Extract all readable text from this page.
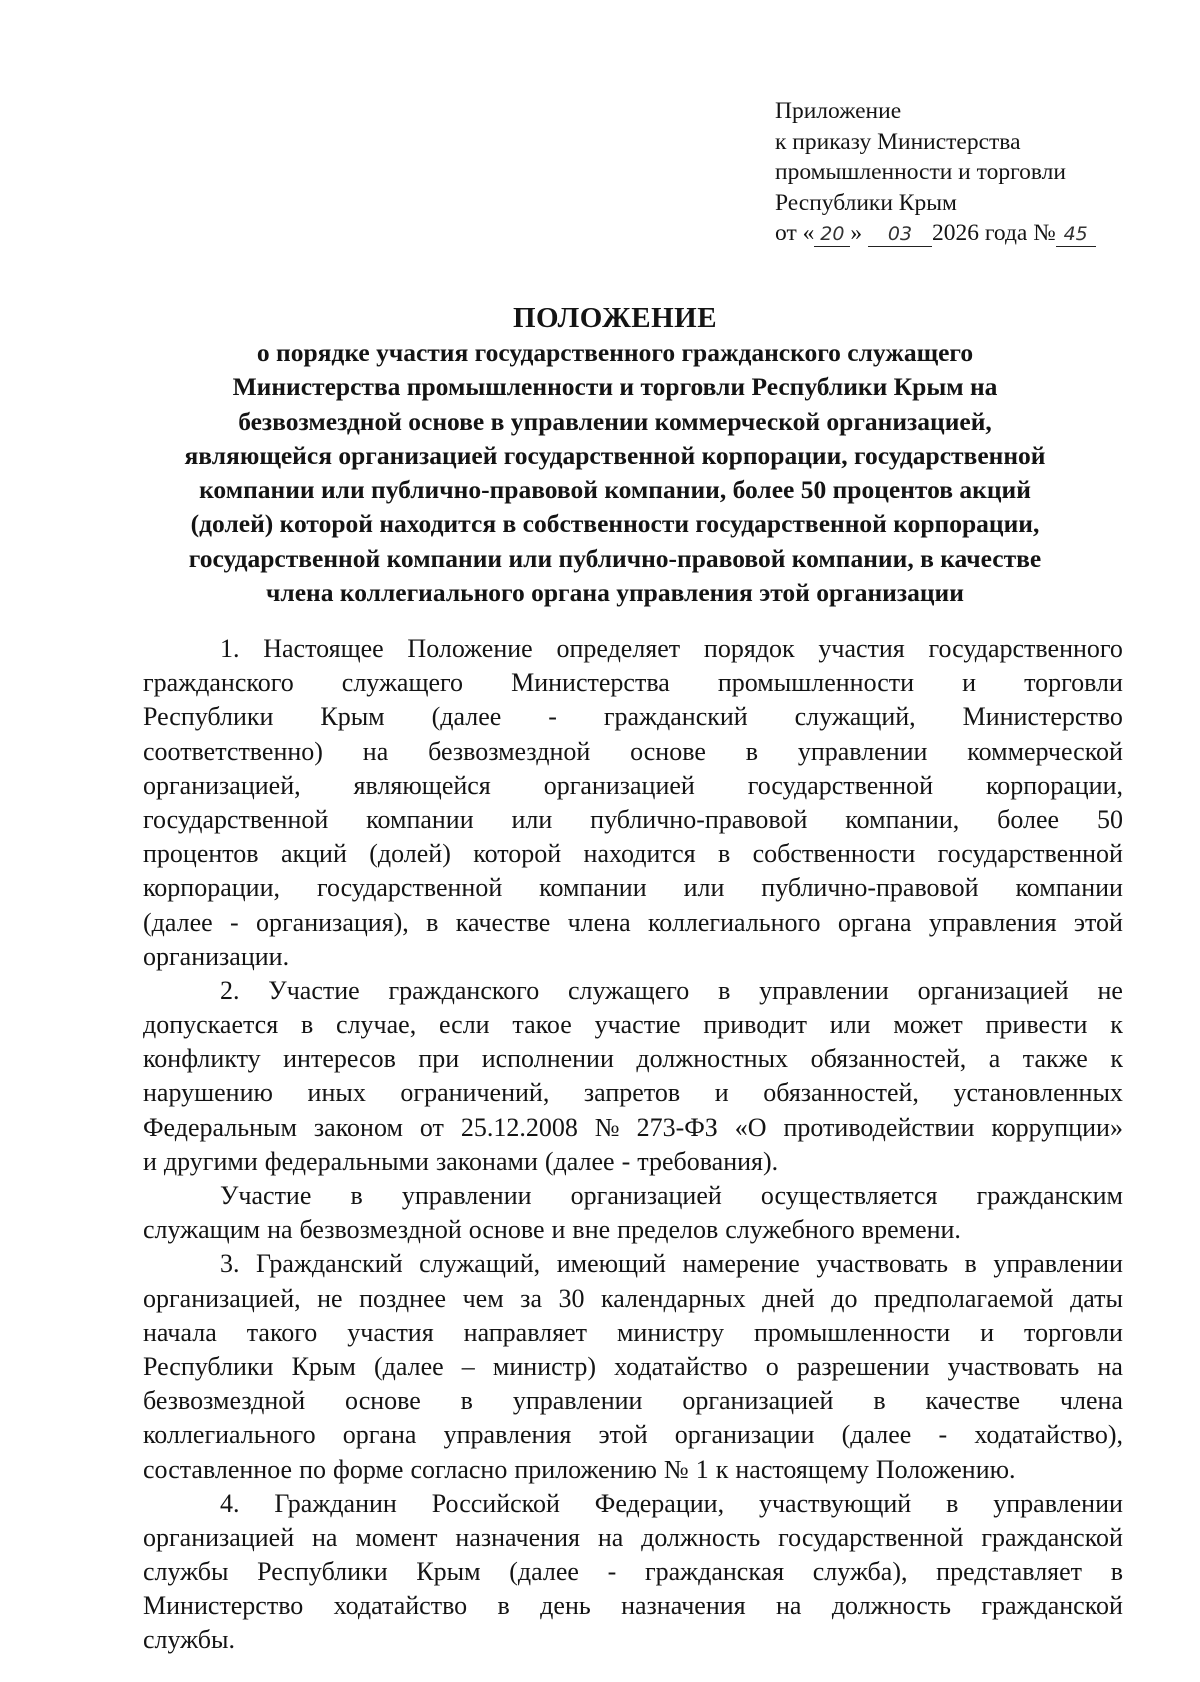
Приложение
к приказу Министерства
промышленности и торговли
Республики Крым
от « 20 » 03 2026 года № 45
ПОЛОЖЕНИЕ
о порядке участия государственного гражданского служащего
Министерства промышленности и торговли Республики Крым на
безвозмездной основе в управлении коммерческой организацией,
являющейся организацией государственной корпорации, государственной
компании или публично-правовой компании, более 50 процентов акций
(долей) которой находится в собственности государственной корпорации,
государственной компании или публично-правовой компании, в качестве
члена коллегиального органа управления этой организации
1. Настоящее Положение определяет порядок участия государственного
гражданского служащего Министерства промышленности и торговли
Республики Крым (далее - гражданский служащий, Министерство
соответственно) на безвозмездной основе в управлении коммерческой
организацией, являющейся организацией государственной корпорации,
государственной компании или публично-правовой компании, более 50
процентов акций (долей) которой находится в собственности государственной
корпорации, государственной компании или публично-правовой компании
(далее - организация), в качестве члена коллегиального органа управления этой
организации.
2. Участие гражданского служащего в управлении организацией не
допускается в случае, если такое участие приводит или может привести к
конфликту интересов при исполнении должностных обязанностей, а также к
нарушению иных ограничений, запретов и обязанностей, установленных
Федеральным законом от 25.12.2008 № 273-ФЗ «О противодействии коррупции»
и другими федеральными законами (далее - требования).
Участие в управлении организацией осуществляется гражданским
служащим на безвозмездной основе и вне пределов служебного времени.
3. Гражданский служащий, имеющий намерение участвовать в управлении
организацией, не позднее чем за 30 календарных дней до предполагаемой даты
начала такого участия направляет министру промышленности и торговли
Республики Крым (далее – министр) ходатайство о разрешении участвовать на
безвозмездной основе в управлении организацией в качестве члена
коллегиального органа управления этой организации (далее - ходатайство),
составленное по форме согласно приложению № 1 к настоящему Положению.
4. Гражданин Российской Федерации, участвующий в управлении
организацией на момент назначения на должность государственной гражданской
службы Республики Крым (далее - гражданская служба), представляет в
Министерство ходатайство в день назначения на должность гражданской
службы.
